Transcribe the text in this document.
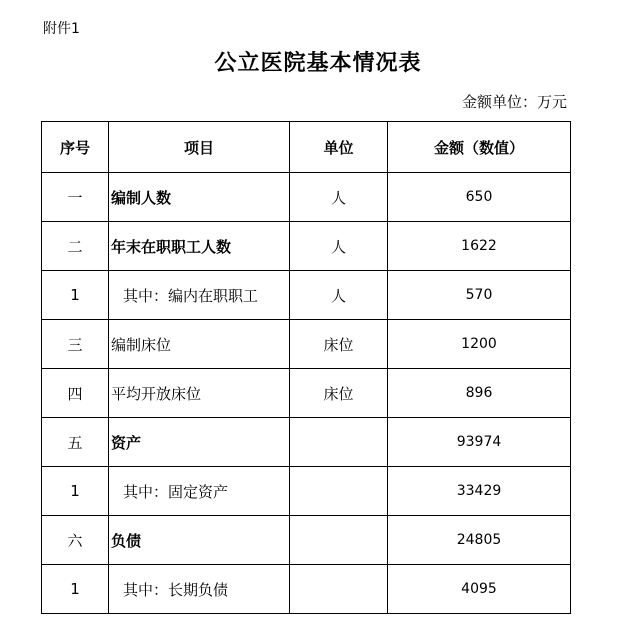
附件1
公立医院基本情况表
金额单位：万元
序号	项目	单位	金额（数值）
一	编制人数	人	650
二	年末在职职工人数	人	1622
1	其中：编内在职职工	人	570
三	编制床位	床位	1200
四	平均开放床位	床位	896
五	资产		93974
1	其中：固定资产		33429
六	负债		24805
1	其中：长期负债		4095
